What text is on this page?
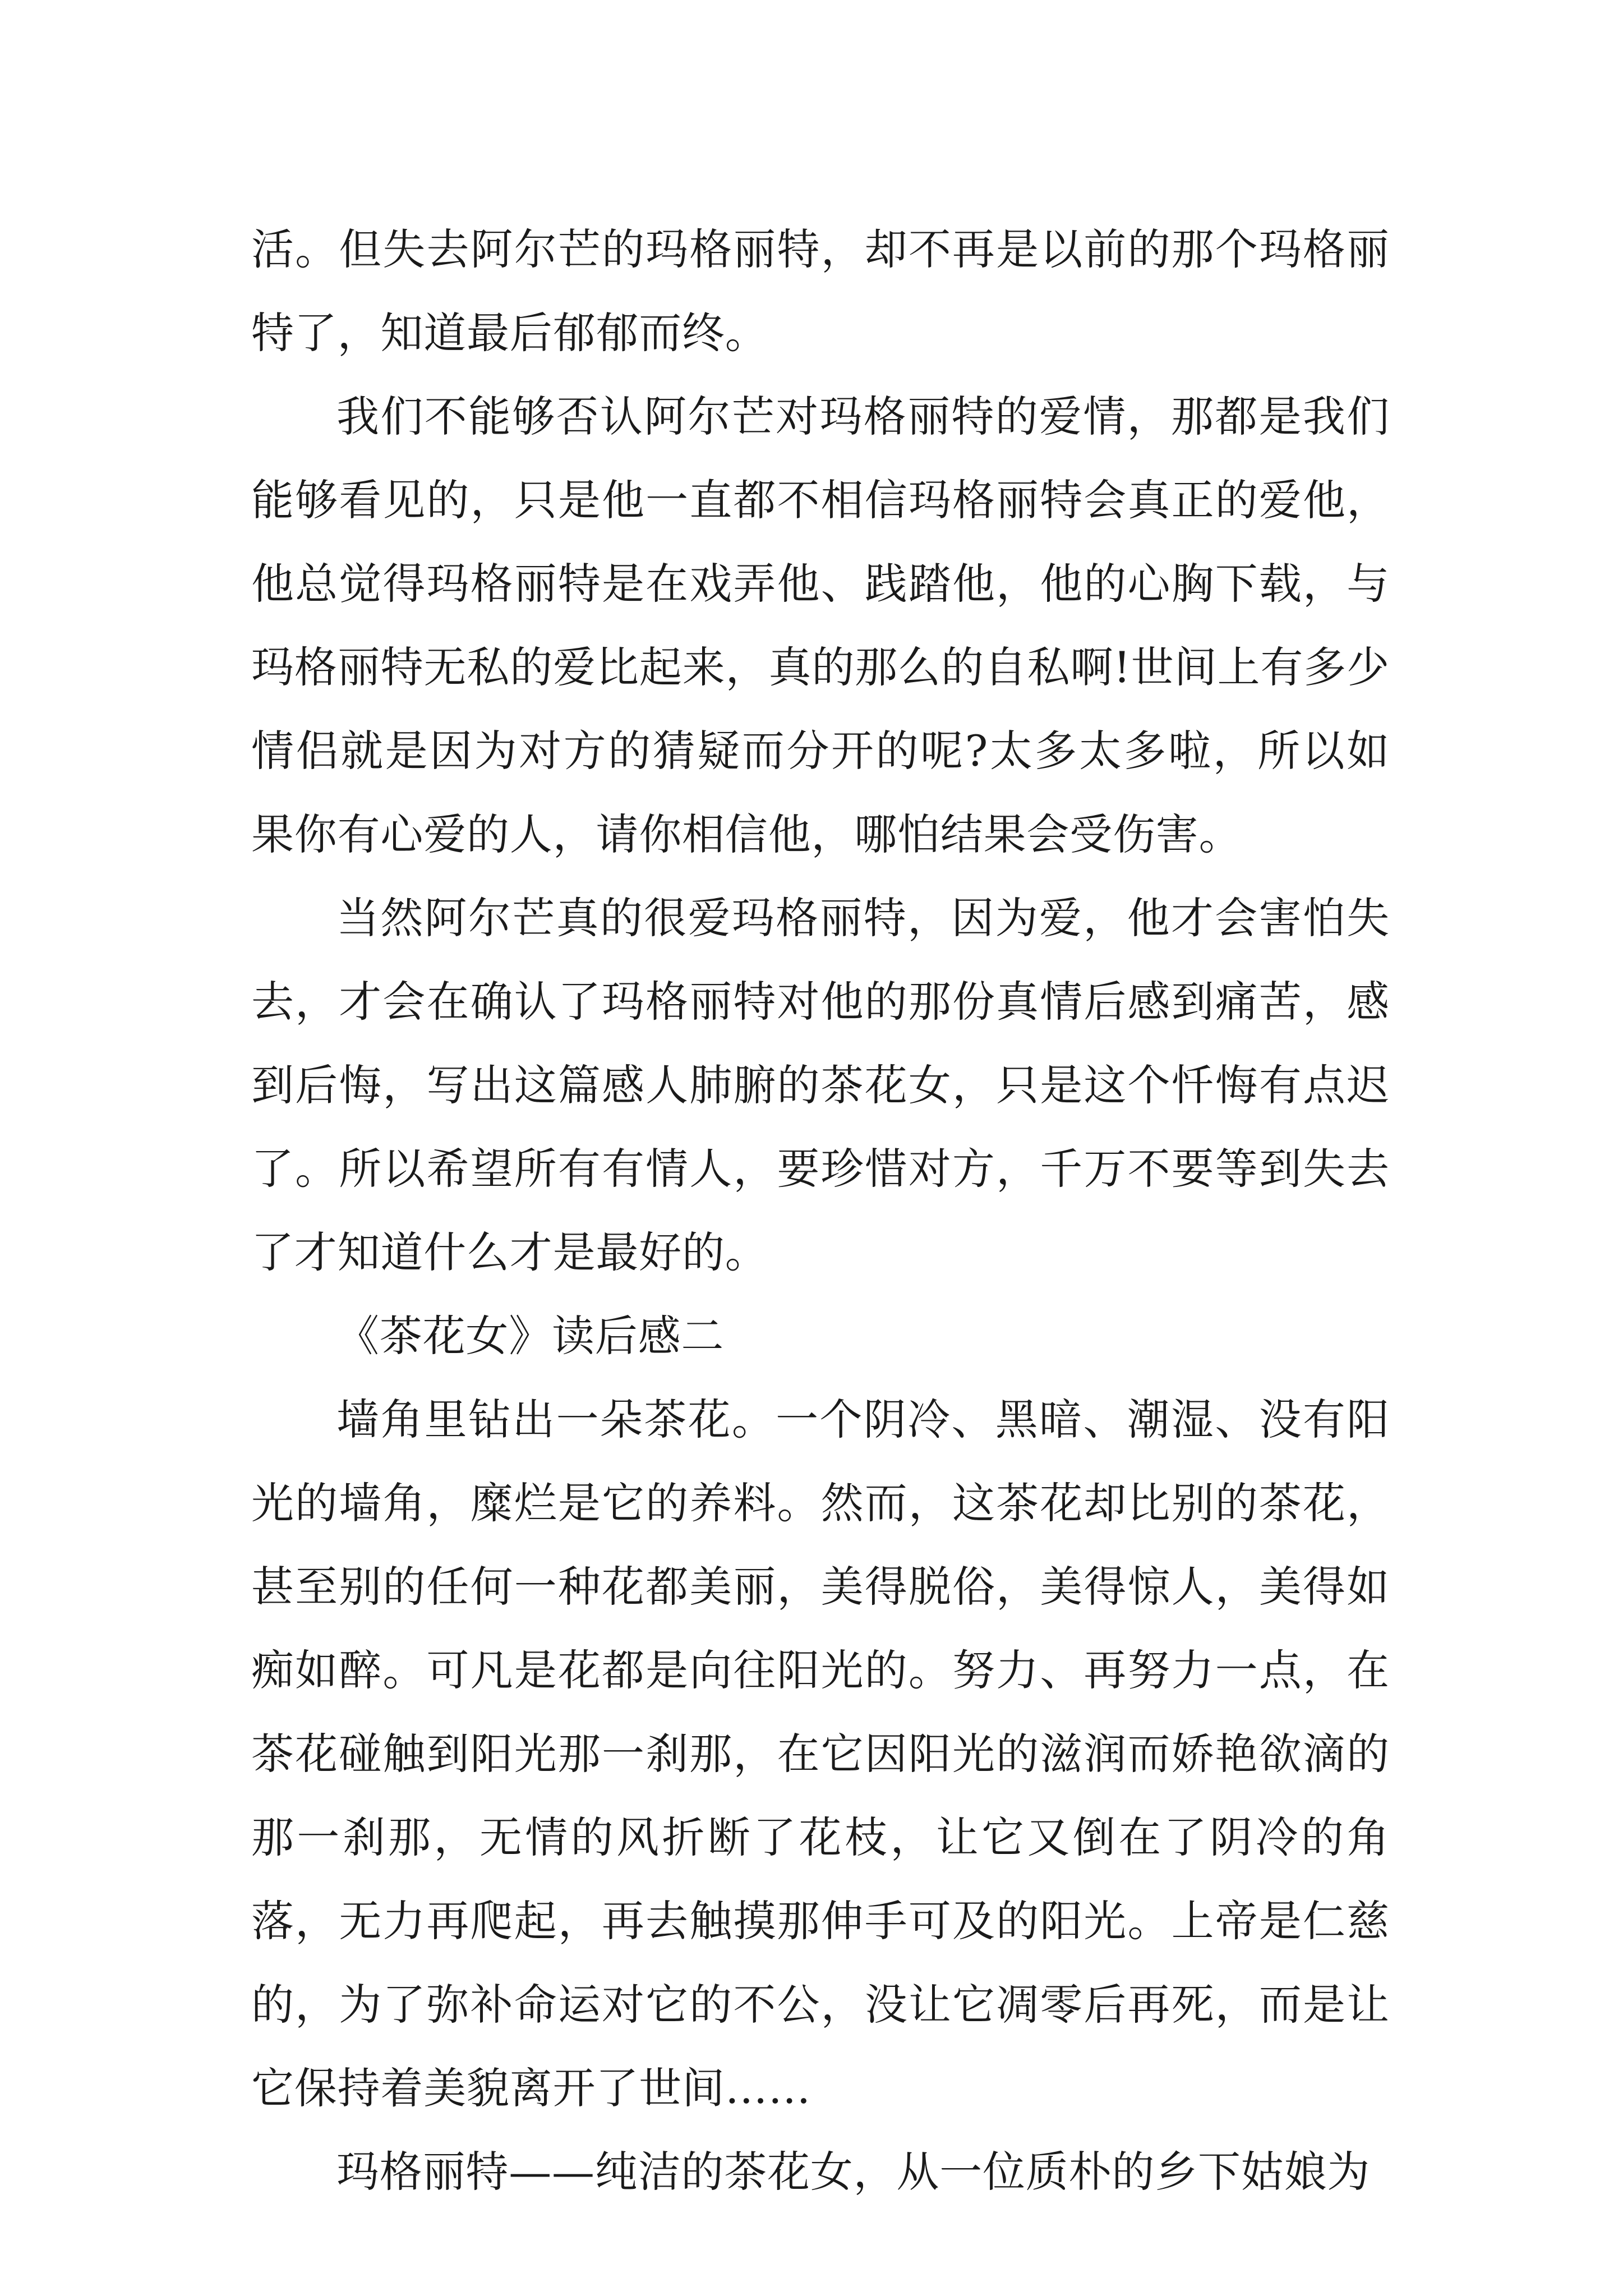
活。但失去阿尔芒的玛格丽特，却不再是以前的那个玛格丽特了，知道最后郁郁而终。

我们不能够否认阿尔芒对玛格丽特的爱情，那都是我们能够看见的，只是他一直都不相信玛格丽特会真正的爱他，他总觉得玛格丽特是在戏弄他、践踏他，他的心胸下载，与玛格丽特无私的爱比起来，真的那么的自私啊!世间上有多少情侣就是因为对方的猜疑而分开的呢?太多太多啦，所以如果你有心爱的人，请你相信他，哪怕结果会受伤害。

当然阿尔芒真的很爱玛格丽特，因为爱，他才会害怕失去，才会在确认了玛格丽特对他的那份真情后感到痛苦，感到后悔，写出这篇感人肺腑的茶花女，只是这个忏悔有点迟了。所以希望所有有情人，要珍惜对方，千万不要等到失去了才知道什么才是最好的。

《茶花女》读后感二

墙角里钻出一朵茶花。一个阴冷、黑暗、潮湿、没有阳光的墙角，糜烂是它的养料。然而，这茶花却比别的茶花，甚至别的任何一种花都美丽，美得脱俗，美得惊人，美得如痴如醉。可凡是花都是向往阳光的。努力、再努力一点，在茶花碰触到阳光那一刹那，在它因阳光的滋润而娇艳欲滴的那一刹那，无情的风折断了花枝，让它又倒在了阴冷的角落，无力再爬起，再去触摸那伸手可及的阳光。上帝是仁慈的，为了弥补命运对它的不公，没让它凋零后再死，而是让它保持着美貌离开了世间……

玛格丽特——纯洁的茶花女，从一位质朴的乡下姑娘为
